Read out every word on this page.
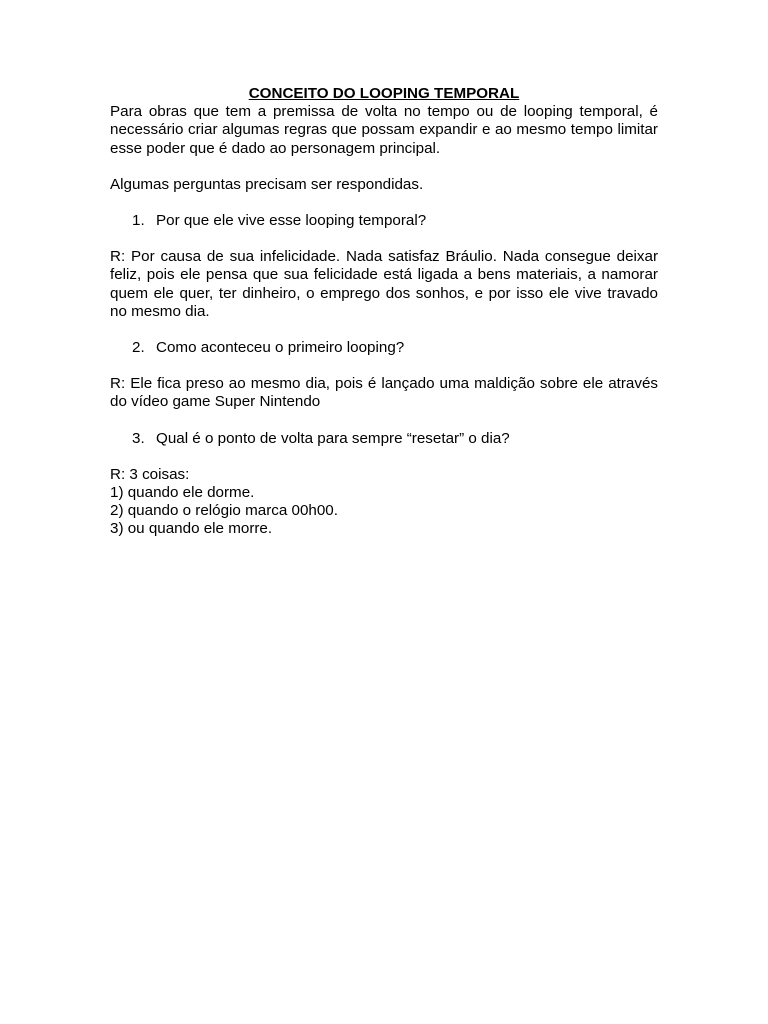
CONCEITO DO LOOPING TEMPORAL

Para obras que tem a premissa de volta no tempo ou de looping temporal, é necessário criar algumas regras que possam expandir e ao mesmo tempo limitar esse poder que é dado ao personagem principal.

Algumas perguntas precisam ser respondidas.

1. Por que ele vive esse looping temporal?

R: Por causa de sua infelicidade. Nada satisfaz Bráulio. Nada consegue deixar feliz, pois ele pensa que sua felicidade está ligada a bens materiais, a namorar quem ele quer, ter dinheiro, o emprego dos sonhos, e por isso ele vive travado no mesmo dia.

2. Como aconteceu o primeiro looping?

R: Ele fica preso ao mesmo dia, pois é lançado uma maldição sobre ele através do vídeo game Super Nintendo

3. Qual é o ponto de volta para sempre “resetar” o dia?

R: 3 coisas:

1) quando ele dorme.

2) quando o relógio marca 00h00.

3) ou quando ele morre.
